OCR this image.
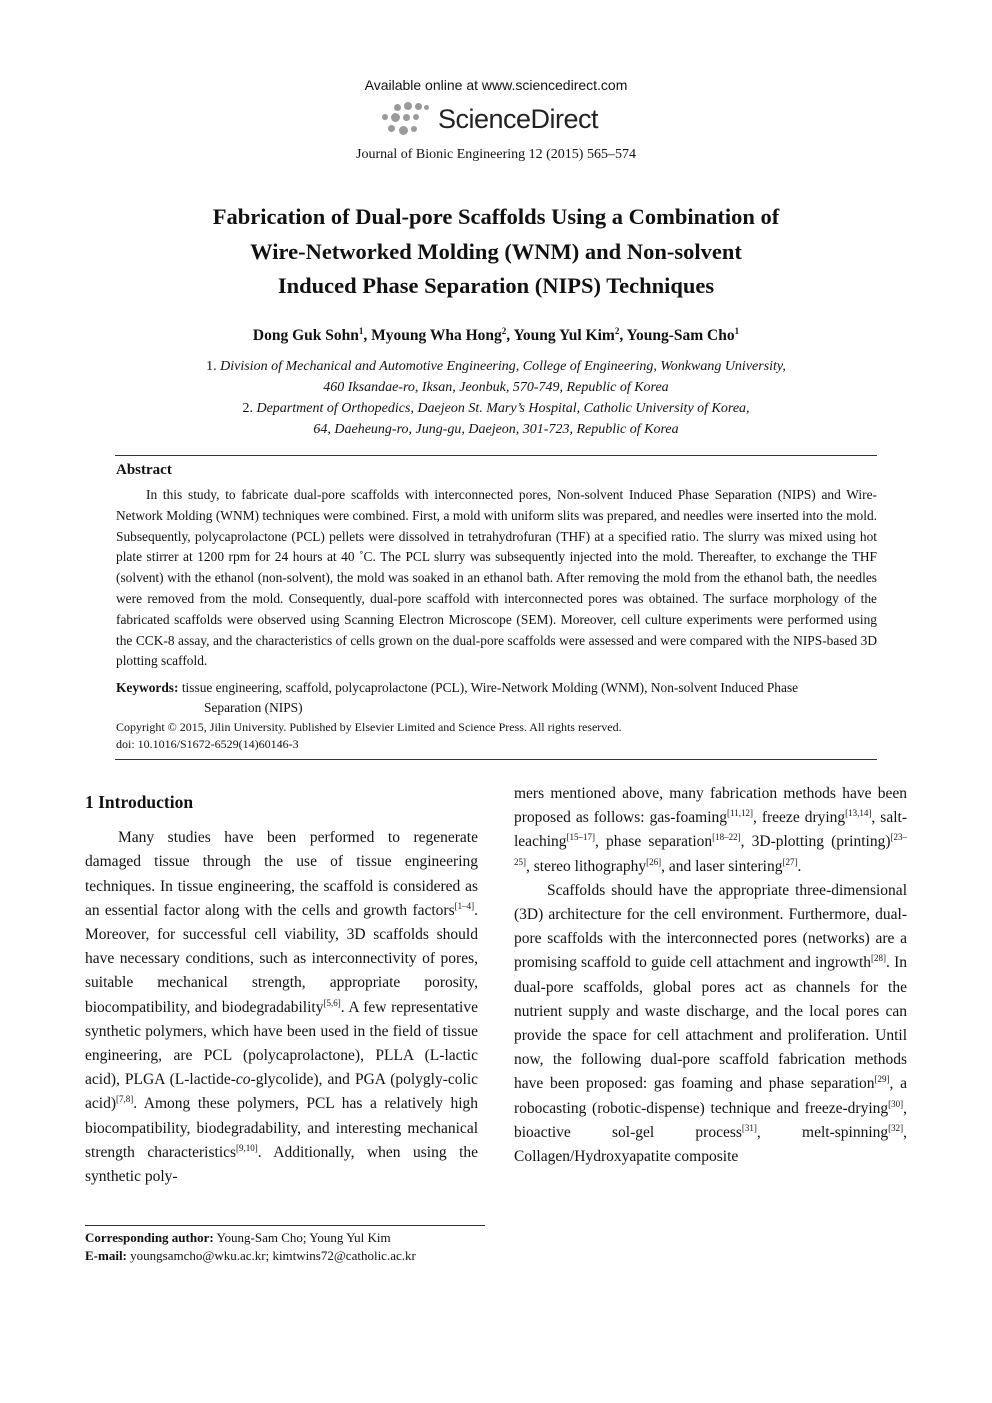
Available online at www.sciencedirect.com
ScienceDirect
Journal of Bionic Engineering 12 (2015) 565–574
Fabrication of Dual-pore Scaffolds Using a Combination of
Wire-Networked Molding (WNM) and Non-solvent
Induced Phase Separation (NIPS) Techniques
Dong Guk Sohn$^1$, Myoung Wha Hong$^2$, Young Yul Kim$^2$, Young-Sam Cho$^1$
1. Division of Mechanical and Automotive Engineering, College of Engineering, Wonkwang University,
460 Iksandae-ro, Iksan, Jeonbuk, 570-749, Republic of Korea
2. Department of Orthopedics, Daejeon St. Mary’s Hospital, Catholic University of Korea,
64, Daeheung-ro, Jung-gu, Daejeon, 301-723, Republic of Korea
Abstract
In this study, to fabricate dual-pore scaffolds with interconnected pores, Non-solvent Induced Phase Separation (NIPS) and Wire-Network Molding (WNM) techniques were combined. First, a mold with uniform slits was prepared, and needles were inserted into the mold. Subsequently, polycaprolactone (PCL) pellets were dissolved in tetrahydrofuran (THF) at a specified ratio. The slurry was mixed using hot plate stirrer at 1200 rpm for 24 hours at 40 ˚C. The PCL slurry was subsequently injected into the mold. Thereafter, to exchange the THF (solvent) with the ethanol (non-solvent), the mold was soaked in an ethanol bath. After removing the mold from the ethanol bath, the needles were removed from the mold. Consequently, dual-pore scaffold with interconnected pores was obtained. The surface morphology of the fabricated scaffolds were observed using Scanning Electron Microscope (SEM). Moreover, cell culture experiments were performed using the CCK-8 assay, and the characteristics of cells grown on the dual-pore scaffolds were assessed and were compared with the NIPS-based 3D plotting scaffold.
Keywords: tissue engineering, scaffold, polycaprolactone (PCL), Wire-Network Molding (WNM), Non-solvent Induced Phase
Separation (NIPS)
Copyright © 2015, Jilin University. Published by Elsevier Limited and Science Press. All rights reserved.
doi: 10.1016/S1672-6529(14)60146-3
1 Introduction

Many studies have been performed to regenerate damaged tissue through the use of tissue engineering techniques. In tissue engineering, the scaffold is considered as an essential factor along with the cells and growth factors[1–4]. Moreover, for successful cell viability, 3D scaffolds should have necessary conditions, such as interconnectivity of pores, suitable mechanical strength, appropriate porosity, biocompatibility, and biodegradability[5,6]. A few representative synthetic polymers, which have been used in the field of tissue engineering, are PCL (polycaprolactone), PLLA (L-lactic acid), PLGA (L-lactide-co-glycolide), and PGA (polygly-colic acid)[7,8]. Among these polymers, PCL has a relatively high biocompatibility, biodegradability, and interesting mechanical strength characteristics[9,10]. Additionally, when using the synthetic poly-

mers mentioned above, many fabrication methods have been proposed as follows: gas-foaming[11,12], freeze drying[13,14], salt-leaching[15–17], phase separation[18–22], 3D-plotting (printing)[23–25], stereo lithography[26], and laser sintering[27].

Scaffolds should have the appropriate three-dimensional (3D) architecture for the cell environment. Furthermore, dual-pore scaffolds with the interconnected pores (networks) are a promising scaffold to guide cell attachment and ingrowth[28]. In dual-pore scaffolds, global pores act as channels for the nutrient supply and waste discharge, and the local pores can provide the space for cell attachment and proliferation. Until now, the following dual-pore scaffold fabrication methods have been proposed: gas foaming and phase separation[29], a robocasting (robotic-dispense) technique and freeze-drying[30], bioactive sol-gel process[31], melt-spinning[32], Collagen/Hydroxyapatite composite

Corresponding author: Young-Sam Cho; Young Yul Kim
E-mail: youngsamcho@wku.ac.kr; kimtwins72@catholic.ac.kr
